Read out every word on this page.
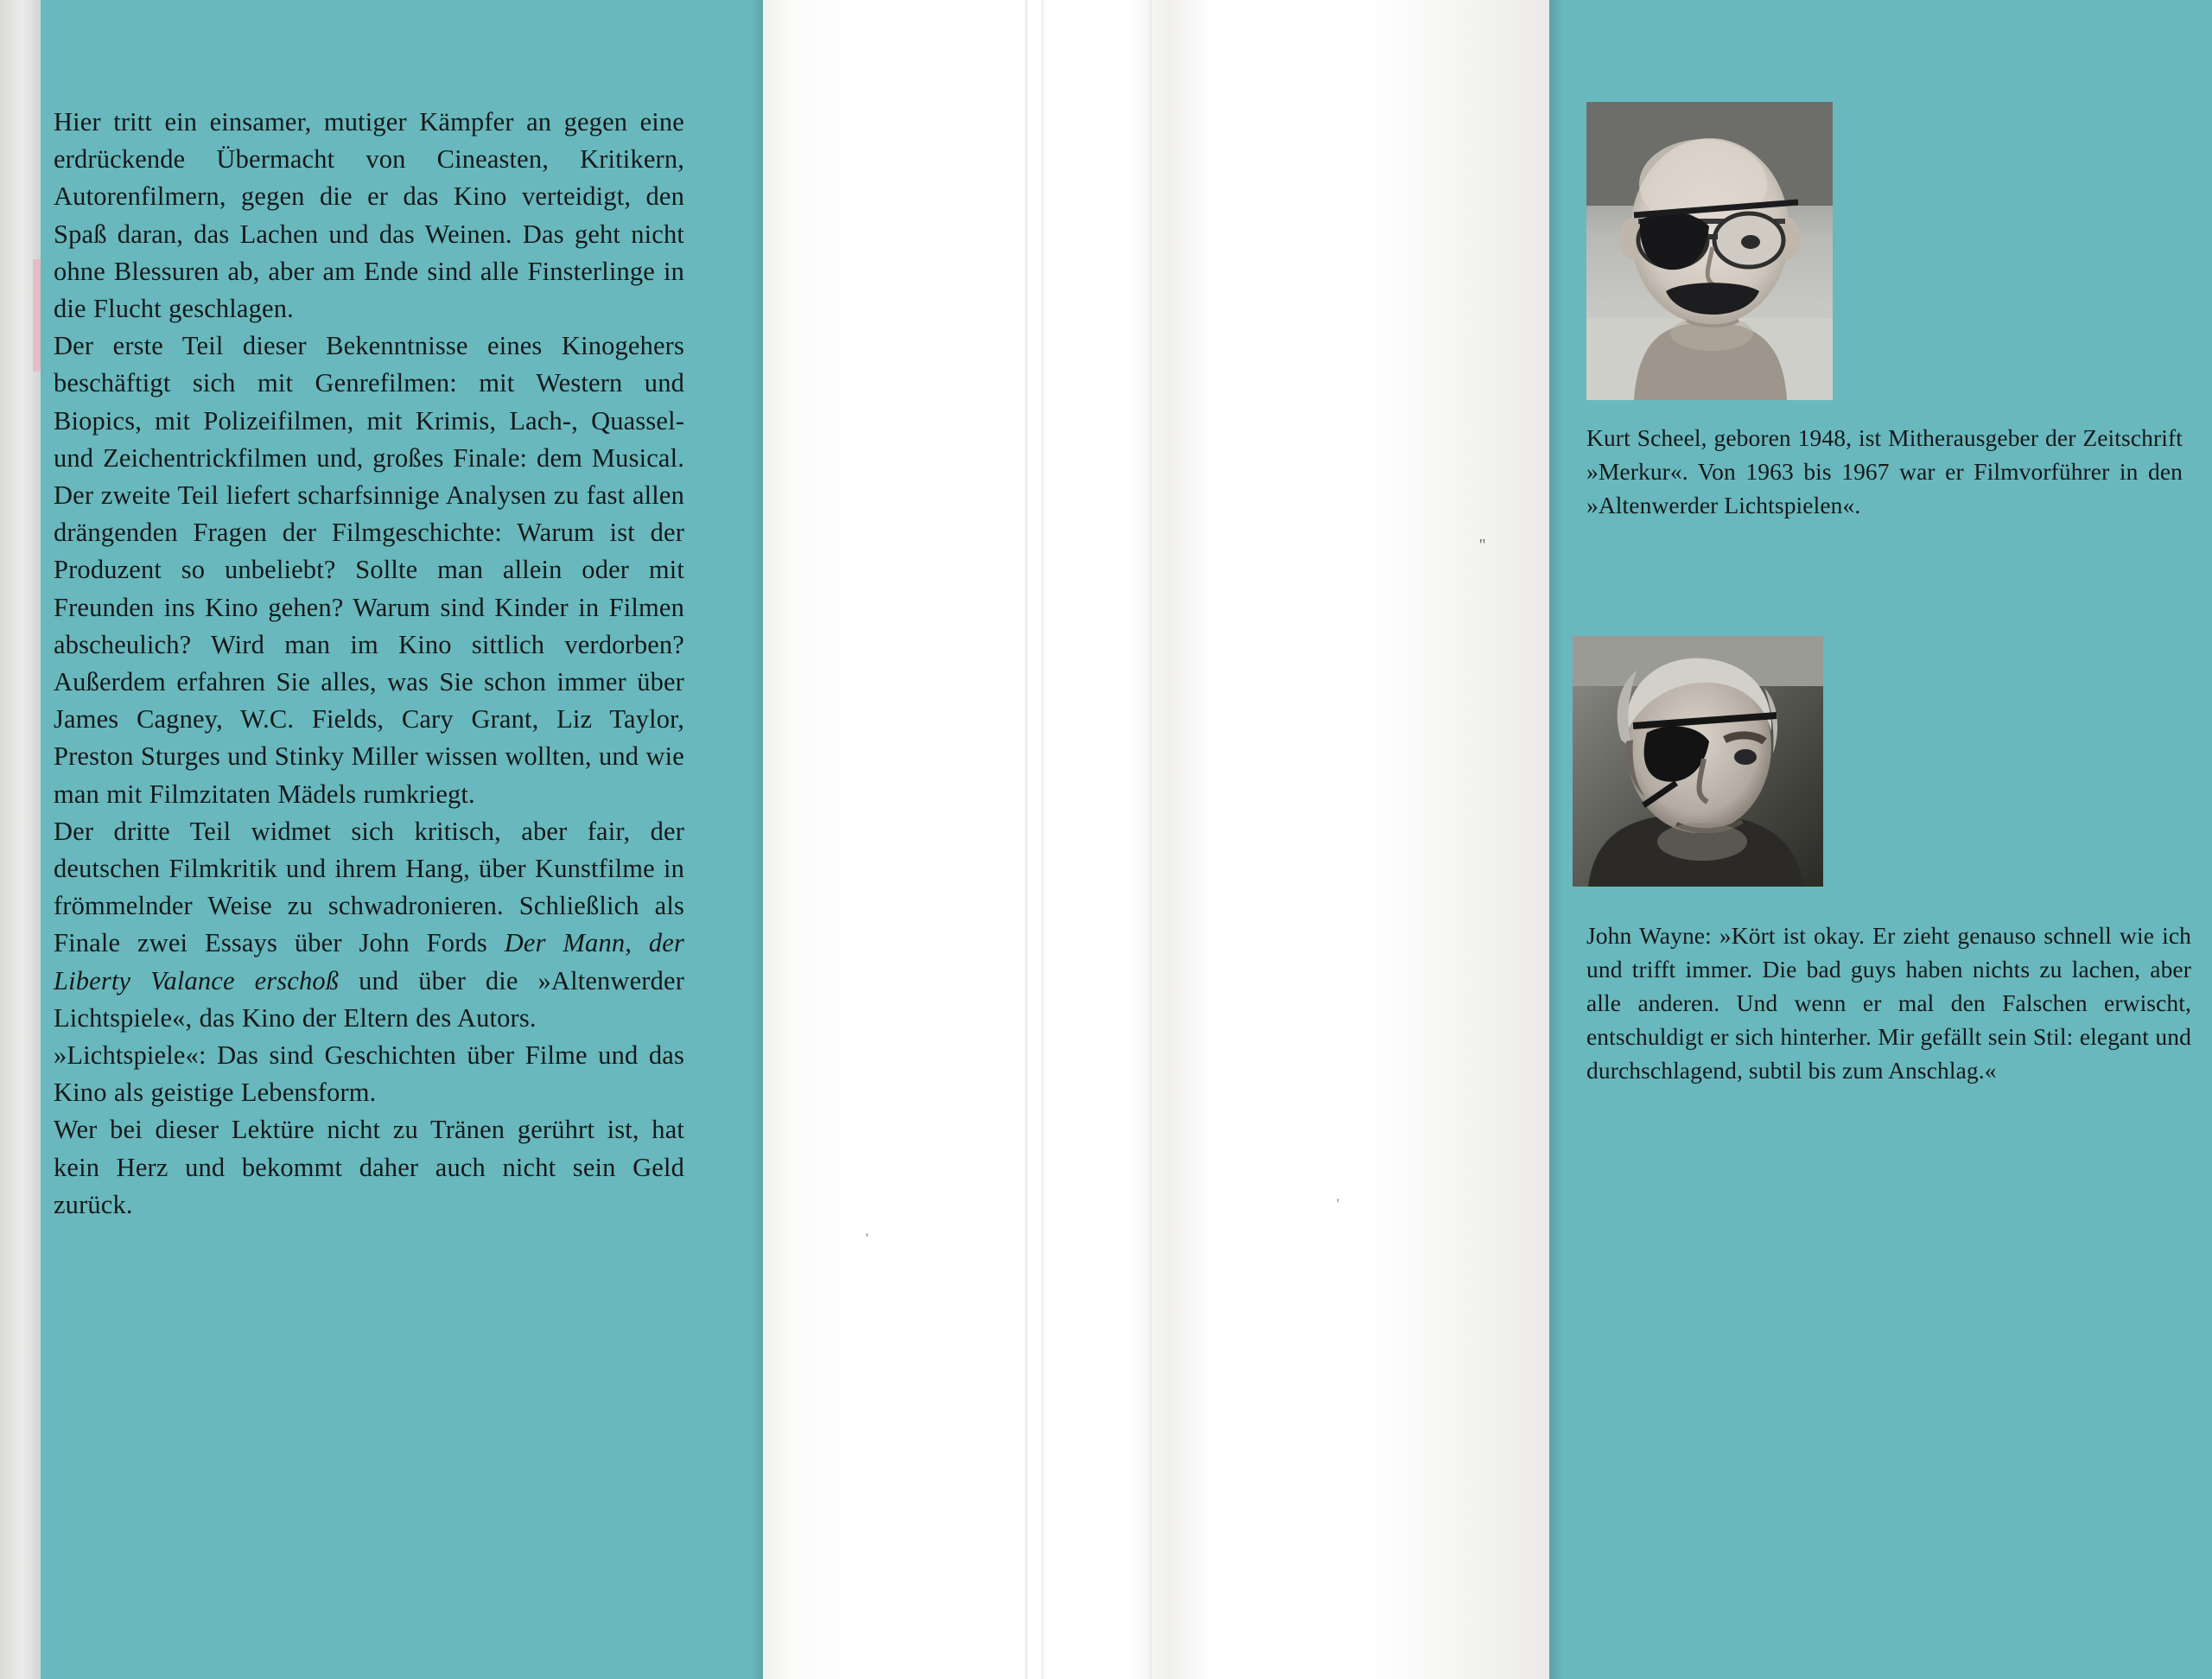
 ''
'
'

Hier tritt ein einsamer, mutiger Kämpfer an gegen eine erdrückende Übermacht von Cineasten, Kritikern, Autorenfilmern, gegen die er das Kino verteidigt, den Spaß daran, das Lachen und das Weinen. Das geht nicht ohne Blessuren ab, aber am Ende sind alle Finsterlinge in die Flucht geschlagen.

Der erste Teil dieser Bekenntnisse eines Kinogehers beschäftigt sich mit Genrefilmen: mit Western und Biopics, mit Polizeifilmen, mit Krimis, Lach-, Quassel- und Zeichentrickfilmen und, großes Finale: dem Musical. Der zweite Teil liefert scharfsinnige Analysen zu fast allen drängenden Fragen der Filmgeschichte: Warum ist der Produzent so unbeliebt? Sollte man allein oder mit Freunden ins Kino gehen? Warum sind Kinder in Filmen abscheulich? Wird man im Kino sittlich verdorben? Außerdem erfahren Sie alles, was Sie schon immer über James Cagney, W.C. Fields, Cary Grant, Liz Taylor, Preston Sturges und Stinky Miller wissen wollten, und wie man mit Filmzitaten Mädels rumkriegt.

Der dritte Teil widmet sich kritisch, aber fair, der deutschen Filmkritik und ihrem Hang, über Kunstfilme in frömmelnder Weise zu schwadronieren. Schließlich als Finale zwei Essays über John Fords Der Mann, der Liberty Valance erschoß und über die »Altenwerder Lichtspiele«, das Kino der Eltern des Autors.

»Lichtspiele«: Das sind Geschichten über Filme und das Kino als geistige Lebensform.

Wer bei dieser Lektüre nicht zu Tränen gerührt ist, hat kein Herz und bekommt daher auch nicht sein Geld zurück.

Kurt Scheel, geboren 1948, ist Mitherausgeber der Zeitschrift »Merkur«. Von 1963 bis 1967 war er Filmvorführer in den »Altenwerder Lichtspielen«.
John Wayne: »Kört ist okay. Er zieht genauso schnell wie ich und trifft immer. Die bad guys haben nichts zu lachen, aber alle anderen. Und wenn er mal den Falschen erwischt, entschuldigt er sich hinterher. Mir gefällt sein Stil: elegant und durchschlagend, subtil bis zum Anschlag.«
